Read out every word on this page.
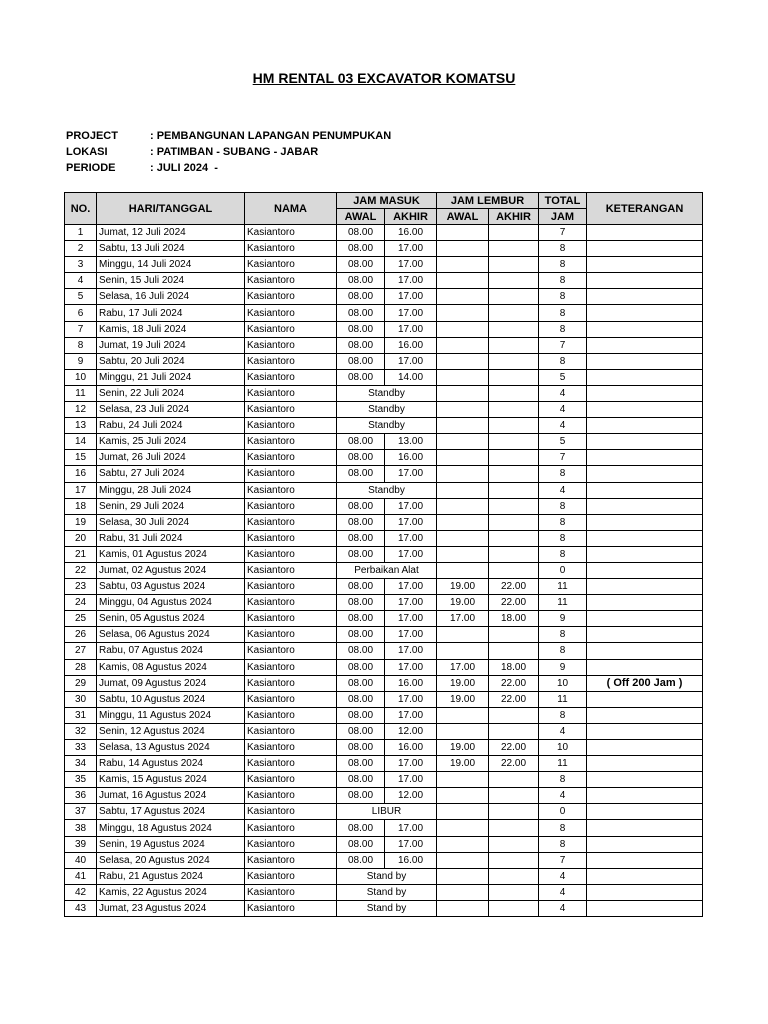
HM RENTAL 03 EXCAVATOR KOMATSU
PROJECT	: PEMBANGUNAN LAPANGAN PENUMPUKAN
LOKASI	: PATIMBAN - SUBANG - JABAR
PERIODE	: JULI 2024  -
NO.	HARI/TANGGAL	NAMA	JAM MASUK		JAM LEMBUR		TOTAL	KETERANGAN
			AWAL	AKHIR	AWAL	AKHIR	JAM	
1	Jumat, 12 Juli 2024	Kasiantoro	08.00	16.00			7	
2	Sabtu, 13 Juli 2024	Kasiantoro	08.00	17.00			8	
3	Minggu, 14 Juli 2024	Kasiantoro	08.00	17.00			8	
4	Senin, 15 Juli 2024	Kasiantoro	08.00	17.00			8	
5	Selasa, 16 Juli 2024	Kasiantoro	08.00	17.00			8	
6	Rabu, 17 Juli 2024	Kasiantoro	08.00	17.00			8	
7	Kamis, 18 Juli 2024	Kasiantoro	08.00	17.00			8	
8	Jumat, 19 Juli 2024	Kasiantoro	08.00	16.00			7	
9	Sabtu, 20 Juli 2024	Kasiantoro	08.00	17.00			8	
10	Minggu, 21 Juli 2024	Kasiantoro	08.00	14.00			5	
11	Senin, 22 Juli 2024	Kasiantoro	Standby				4	
12	Selasa, 23 Juli 2024	Kasiantoro	Standby				4	
13	Rabu, 24 Juli 2024	Kasiantoro	Standby				4	
14	Kamis, 25 Juli 2024	Kasiantoro	08.00	13.00			5	
15	Jumat, 26 Juli 2024	Kasiantoro	08.00	16.00			7	
16	Sabtu, 27 Juli 2024	Kasiantoro	08.00	17.00			8	
17	Minggu, 28 Juli 2024	Kasiantoro	Standby				4	
18	Senin, 29 Juli 2024	Kasiantoro	08.00	17.00			8	
19	Selasa, 30 Juli 2024	Kasiantoro	08.00	17.00			8	
20	Rabu, 31 Juli 2024	Kasiantoro	08.00	17.00			8	
21	Kamis, 01 Agustus 2024	Kasiantoro	08.00	17.00			8	
22	Jumat, 02 Agustus 2024	Kasiantoro	Perbaikan Alat				0	
23	Sabtu, 03 Agustus 2024	Kasiantoro	08.00	17.00	19.00	22.00	11	
24	Minggu, 04 Agustus 2024	Kasiantoro	08.00	17.00	19.00	22.00	11	
25	Senin, 05 Agustus 2024	Kasiantoro	08.00	17.00	17.00	18.00	9	
26	Selasa, 06 Agustus 2024	Kasiantoro	08.00	17.00			8	
27	Rabu, 07 Agustus 2024	Kasiantoro	08.00	17.00			8	
28	Kamis, 08 Agustus 2024	Kasiantoro	08.00	17.00	17.00	18.00	9	
29	Jumat, 09 Agustus 2024	Kasiantoro	08.00	16.00	19.00	22.00	10	( Off 200 Jam )
30	Sabtu, 10 Agustus 2024	Kasiantoro	08.00	17.00	19.00	22.00	11	
31	Minggu, 11 Agustus 2024	Kasiantoro	08.00	17.00			8	
32	Senin, 12 Agustus 2024	Kasiantoro	08.00	12.00			4	
33	Selasa, 13 Agustus 2024	Kasiantoro	08.00	16.00	19.00	22.00	10	
34	Rabu, 14 Agustus 2024	Kasiantoro	08.00	17.00	19.00	22.00	11	
35	Kamis, 15 Agustus 2024	Kasiantoro	08.00	17.00			8	
36	Jumat, 16 Agustus 2024	Kasiantoro	08.00	12.00			4	
37	Sabtu, 17 Agustus 2024	Kasiantoro	LIBUR				0	
38	Minggu, 18 Agustus 2024	Kasiantoro	08.00	17.00			8	
39	Senin, 19 Agustus 2024	Kasiantoro	08.00	17.00			8	
40	Selasa, 20 Agustus 2024	Kasiantoro	08.00	16.00			7	
41	Rabu, 21 Agustus 2024	Kasiantoro	Stand by				4	
42	Kamis, 22 Agustus 2024	Kasiantoro	Stand by				4	
43	Jumat, 23 Agustus 2024	Kasiantoro	Stand by				4	
